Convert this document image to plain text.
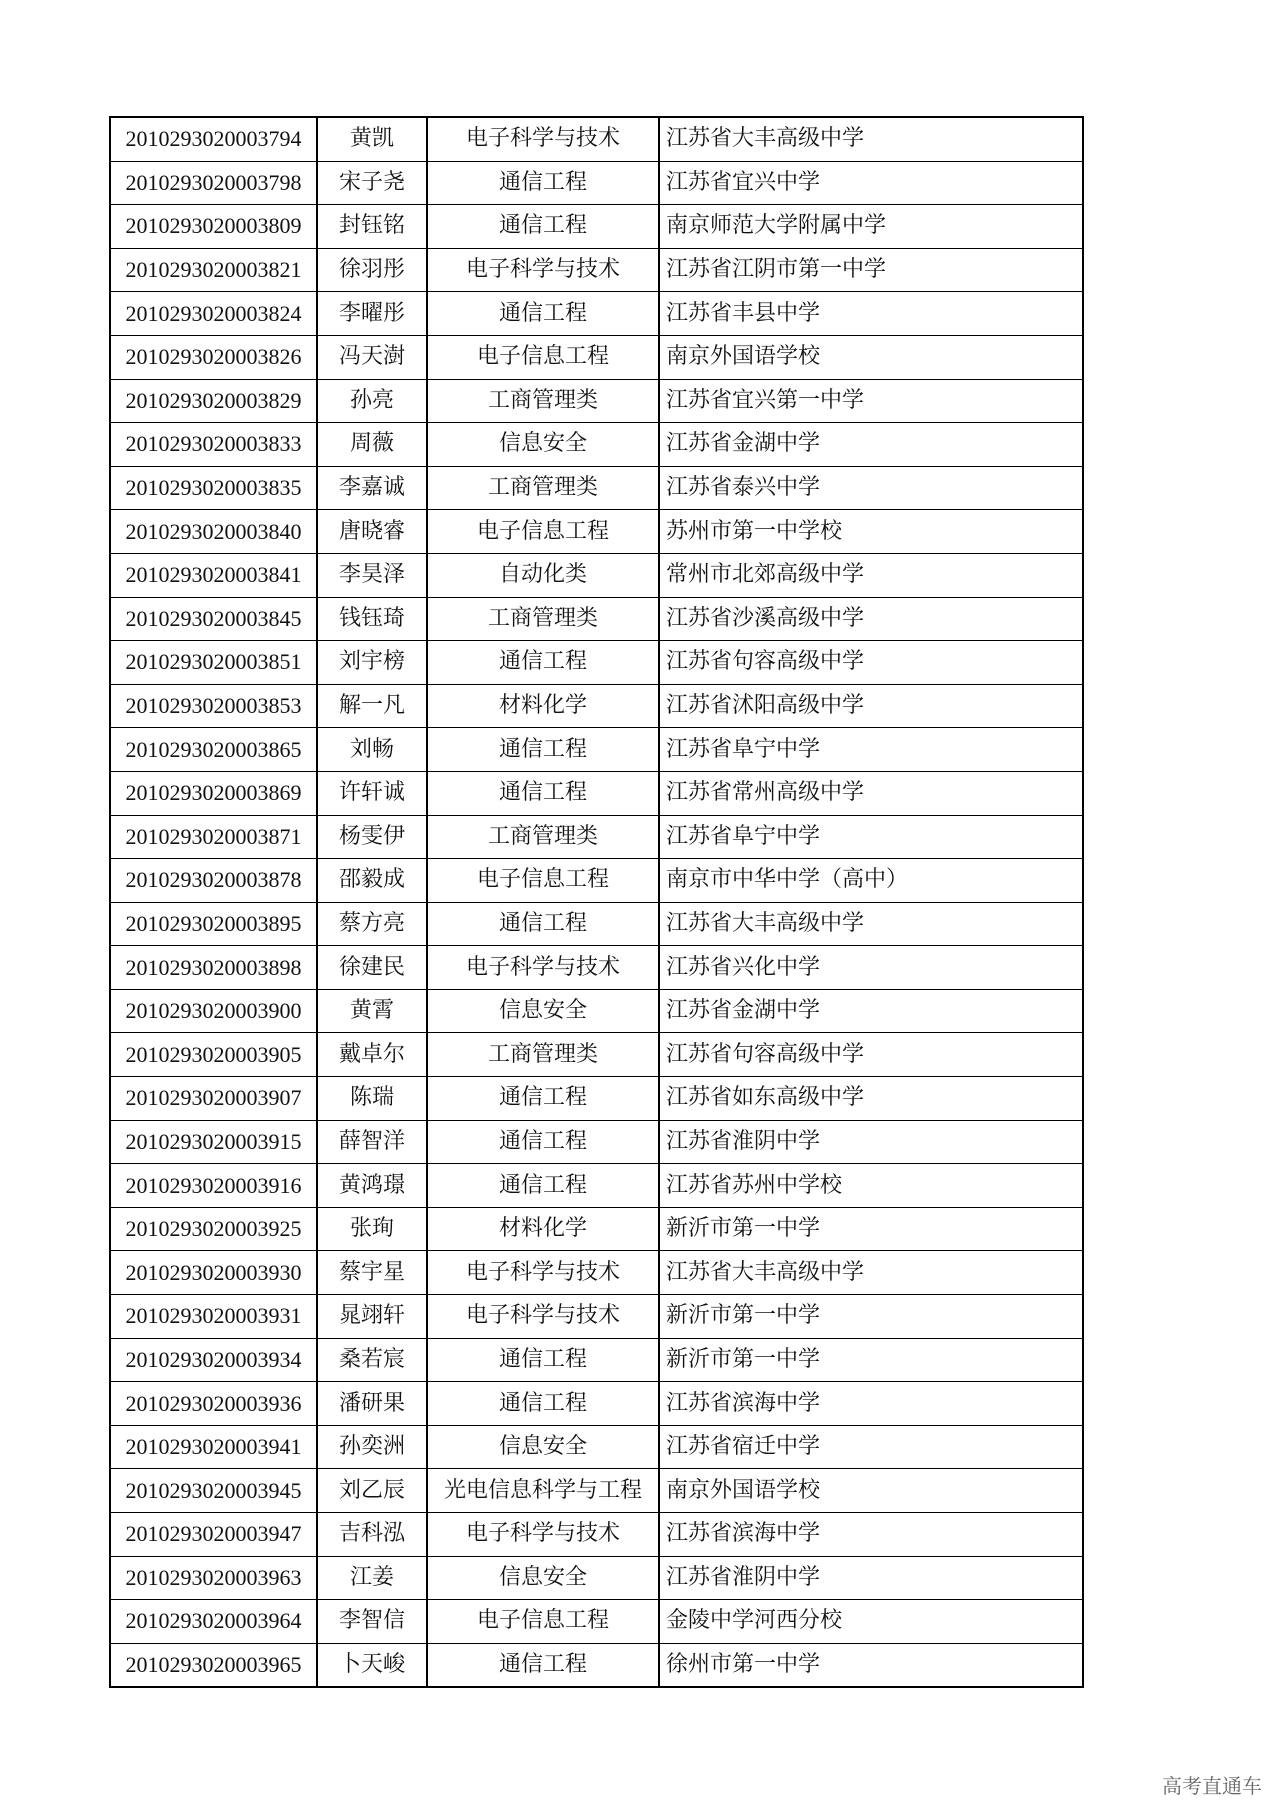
2010293020003794	黄凯	电子科学与技术	江苏省大丰高级中学
2010293020003798	宋子尧	通信工程	江苏省宜兴中学
2010293020003809	封钰铭	通信工程	南京师范大学附属中学
2010293020003821	徐羽彤	电子科学与技术	江苏省江阴市第一中学
2010293020003824	李曜彤	通信工程	江苏省丰县中学
2010293020003826	冯天澍	电子信息工程	南京外国语学校
2010293020003829	孙亮	工商管理类	江苏省宜兴第一中学
2010293020003833	周薇	信息安全	江苏省金湖中学
2010293020003835	李嘉诚	工商管理类	江苏省泰兴中学
2010293020003840	唐晓睿	电子信息工程	苏州市第一中学校
2010293020003841	李昊泽	自动化类	常州市北郊高级中学
2010293020003845	钱钰琦	工商管理类	江苏省沙溪高级中学
2010293020003851	刘宇榜	通信工程	江苏省句容高级中学
2010293020003853	解一凡	材料化学	江苏省沭阳高级中学
2010293020003865	刘畅	通信工程	江苏省阜宁中学
2010293020003869	许轩诚	通信工程	江苏省常州高级中学
2010293020003871	杨雯伊	工商管理类	江苏省阜宁中学
2010293020003878	邵毅成	电子信息工程	南京市中华中学（高中）
2010293020003895	蔡方亮	通信工程	江苏省大丰高级中学
2010293020003898	徐建民	电子科学与技术	江苏省兴化中学
2010293020003900	黄霄	信息安全	江苏省金湖中学
2010293020003905	戴卓尔	工商管理类	江苏省句容高级中学
2010293020003907	陈瑞	通信工程	江苏省如东高级中学
2010293020003915	薛智洋	通信工程	江苏省淮阴中学
2010293020003916	黄鸿璟	通信工程	江苏省苏州中学校
2010293020003925	张珣	材料化学	新沂市第一中学
2010293020003930	蔡宇星	电子科学与技术	江苏省大丰高级中学
2010293020003931	晁翊轩	电子科学与技术	新沂市第一中学
2010293020003934	桑若宸	通信工程	新沂市第一中学
2010293020003936	潘研果	通信工程	江苏省滨海中学
2010293020003941	孙奕洲	信息安全	江苏省宿迁中学
2010293020003945	刘乙辰	光电信息科学与工程	南京外国语学校
2010293020003947	吉科泓	电子科学与技术	江苏省滨海中学
2010293020003963	江姜	信息安全	江苏省淮阴中学
2010293020003964	李智信	电子信息工程	金陵中学河西分校
2010293020003965	卜天峻	通信工程	徐州市第一中学
高考直通车
